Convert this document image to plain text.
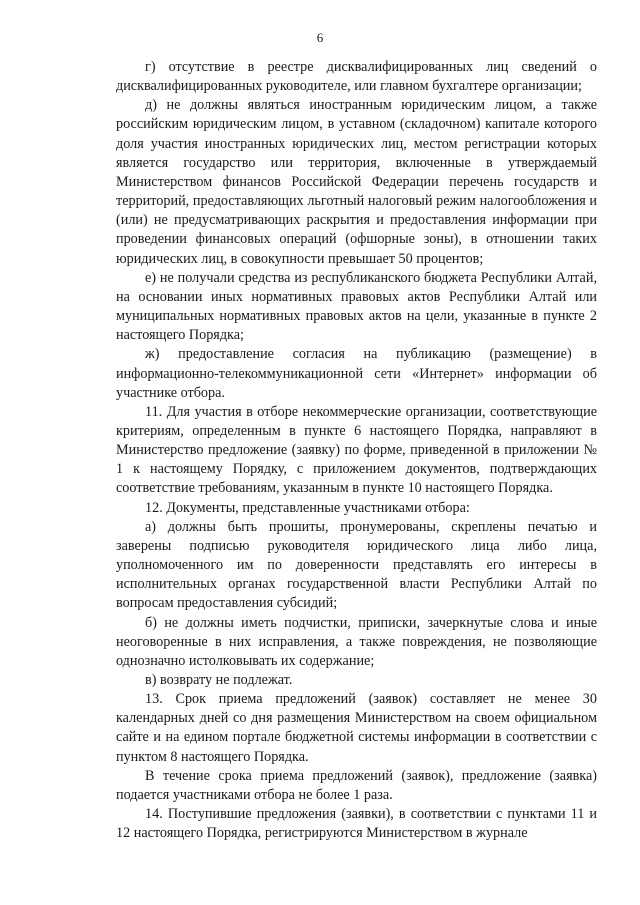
6

г) отсутствие в реестре дисквалифицированных лиц сведений о дисквалифицированных руководителе, или главном бухгалтере организации;

д) не должны являться иностранным юридическим лицом, а также российским юридическим лицом, в уставном (складочном) капитале которого доля участия иностранных юридических лиц, местом регистрации которых является государство или территория, включенные в утверждаемый Министерством финансов Российской Федерации перечень государств и территорий, предоставляющих льготный налоговый режим налогообложения и (или) не предусматривающих раскрытия и предоставления информации при проведении финансовых операций (офшорные зоны), в отношении таких юридических лиц, в совокупности превышает 50 процентов;

е) не получали средства из республиканского бюджета Республики Алтай, на основании иных нормативных правовых актов Республики Алтай или муниципальных нормативных правовых актов на цели, указанные в пункте 2 настоящего Порядка;

ж) предоставление согласия на публикацию (размещение) в информационно-телекоммуникационной сети «Интернет» информации об участнике отбора.

11. Для участия в отборе некоммерческие организации, соответствующие критериям, определенным в пункте 6 настоящего Порядка, направляют в Министерство предложение (заявку) по форме, приведенной в приложении № 1 к настоящему Порядку, с приложением документов, подтверждающих соответствие требованиям, указанным в пункте 10 настоящего Порядка.

12. Документы, представленные участниками отбора:

а) должны быть прошиты, пронумерованы, скреплены печатью и заверены подписью руководителя юридического лица либо лица, уполномоченного им по доверенности представлять его интересы в исполнительных органах государственной власти Республики Алтай по вопросам предоставления субсидий;

б) не должны иметь подчистки, приписки, зачеркнутые слова и иные неоговоренные в них исправления, а также повреждения, не позволяющие однозначно истолковывать их содержание;

в) возврату не подлежат.

13. Срок приема предложений (заявок) составляет не менее 30 календарных дней со дня размещения Министерством на своем официальном сайте и на едином портале бюджетной системы информации в соответствии с пунктом 8 настоящего Порядка.

В течение срока приема предложений (заявок), предложение (заявка) подается участниками отбора не более 1 раза.

14. Поступившие предложения (заявки), в соответствии с пунктами 11 и 12 настоящего Порядка, регистрируются Министерством в журнале
